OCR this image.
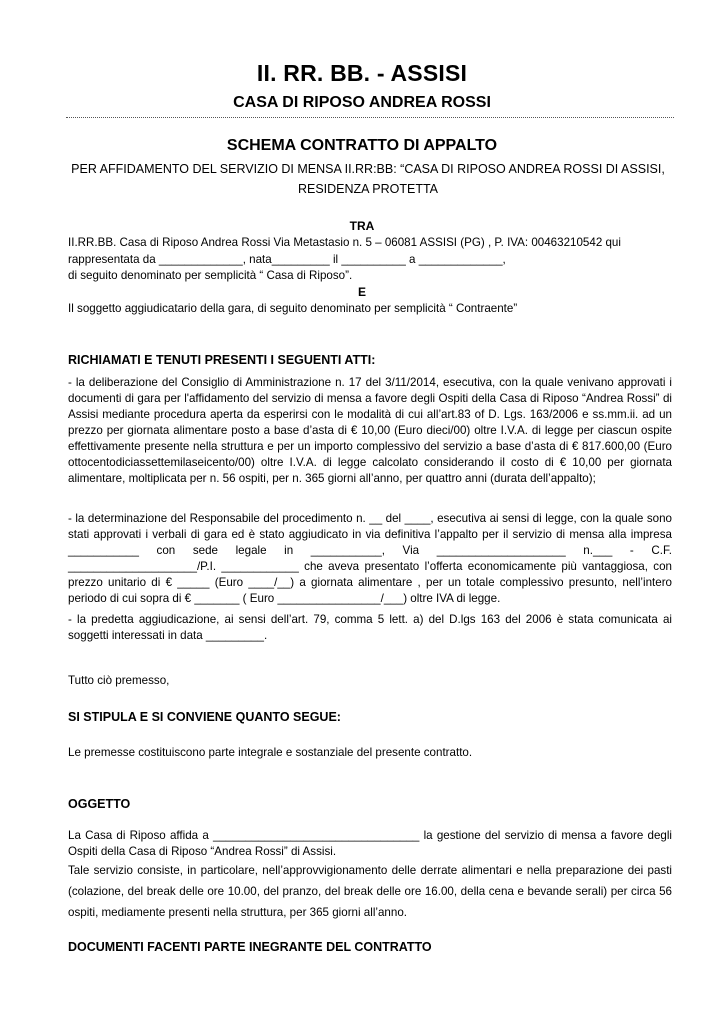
II. RR. BB. - ASSISI
CASA DI RIPOSO ANDREA ROSSI
SCHEMA CONTRATTO DI APPALTO
PER AFFIDAMENTO DEL SERVIZIO DI MENSA II.RR:BB: “CASA DI RIPOSO ANDREA ROSSI DI ASSISI, RESIDENZA PROTETTA
TRA
II.RR.BB. Casa di Riposo Andrea Rossi Via Metastasio n. 5 – 06081 ASSISI (PG) , P. IVA: 00463210542 qui
rappresentata da _____________, nata_________ il __________ a _____________,
di seguito denominato per semplicità “ Casa di Riposo”.
E
Il soggetto aggiudicatario della gara, di seguito denominato per semplicità “ Contraente”
RICHIAMATI E TENUTI PRESENTI I SEGUENTI ATTI:
- la deliberazione del Consiglio di Amministrazione n. 17 del 3/11/2014, esecutiva, con la quale venivano approvati i documenti di gara per l'affidamento del servizio di mensa a favore degli Ospiti della Casa di Riposo “Andrea Rossi” di Assisi mediante procedura aperta da esperirsi con le modalità di cui all’art.83 of D. Lgs. 163/2006 e ss.mm.ii. ad un prezzo per giornata alimentare posto a base d’asta di € 10,00 (Euro dieci/00) oltre I.V.A. di legge per ciascun ospite effettivamente presente nella struttura e per un importo complessivo del servizio a base d’asta di € 817.600,00 (Euro ottocentodiciassettemilaseicento/00) oltre I.V.A. di legge calcolato considerando il costo di € 10,00 per giornata alimentare, moltiplicata per n. 56 ospiti, per n. 365 giorni all’anno, per quattro anni (durata dell’appalto);
- la determinazione del Responsabile del procedimento n. __ del ____, esecutiva ai sensi di legge, con la quale sono stati approvati i verbali di gara ed è stato aggiudicato in via definitiva l’appalto per il servizio di mensa alla impresa ___________ con sede legale in ___________, Via ____________________ n.___ - C.F. ____________________/P.I. ____________ che aveva presentato l’offerta economicamente più vantaggiosa, con prezzo unitario di € _____ (Euro ____/__) a giornata alimentare , per un totale complessivo presunto, nell’intero periodo di cui sopra di € _______ ( Euro ________________/___) oltre IVA di legge.
- la predetta aggiudicazione, ai sensi dell’art. 79, comma 5 lett. a) del D.lgs 163 del 2006 è stata comunicata ai soggetti interessati in data _________.
Tutto ciò premesso,
SI STIPULA E SI CONVIENE QUANTO SEGUE:
Le premesse costituiscono parte integrale e sostanziale del presente contratto.
OGGETTO
La Casa di Riposo affida a ________________________________ la gestione del servizio di mensa a favore degli Ospiti della Casa di Riposo “Andrea Rossi” di Assisi.
Tale servizio consiste, in particolare, nell’approvvigionamento delle derrate alimentari e nella preparazione dei pasti (colazione, del break delle ore 10.00, del pranzo, del break delle ore 16.00, della cena e bevande serali) per circa 56 ospiti, mediamente presenti nella struttura, per 365 giorni all’anno.
DOCUMENTI FACENTI PARTE INEGRANTE DEL CONTRATTO
